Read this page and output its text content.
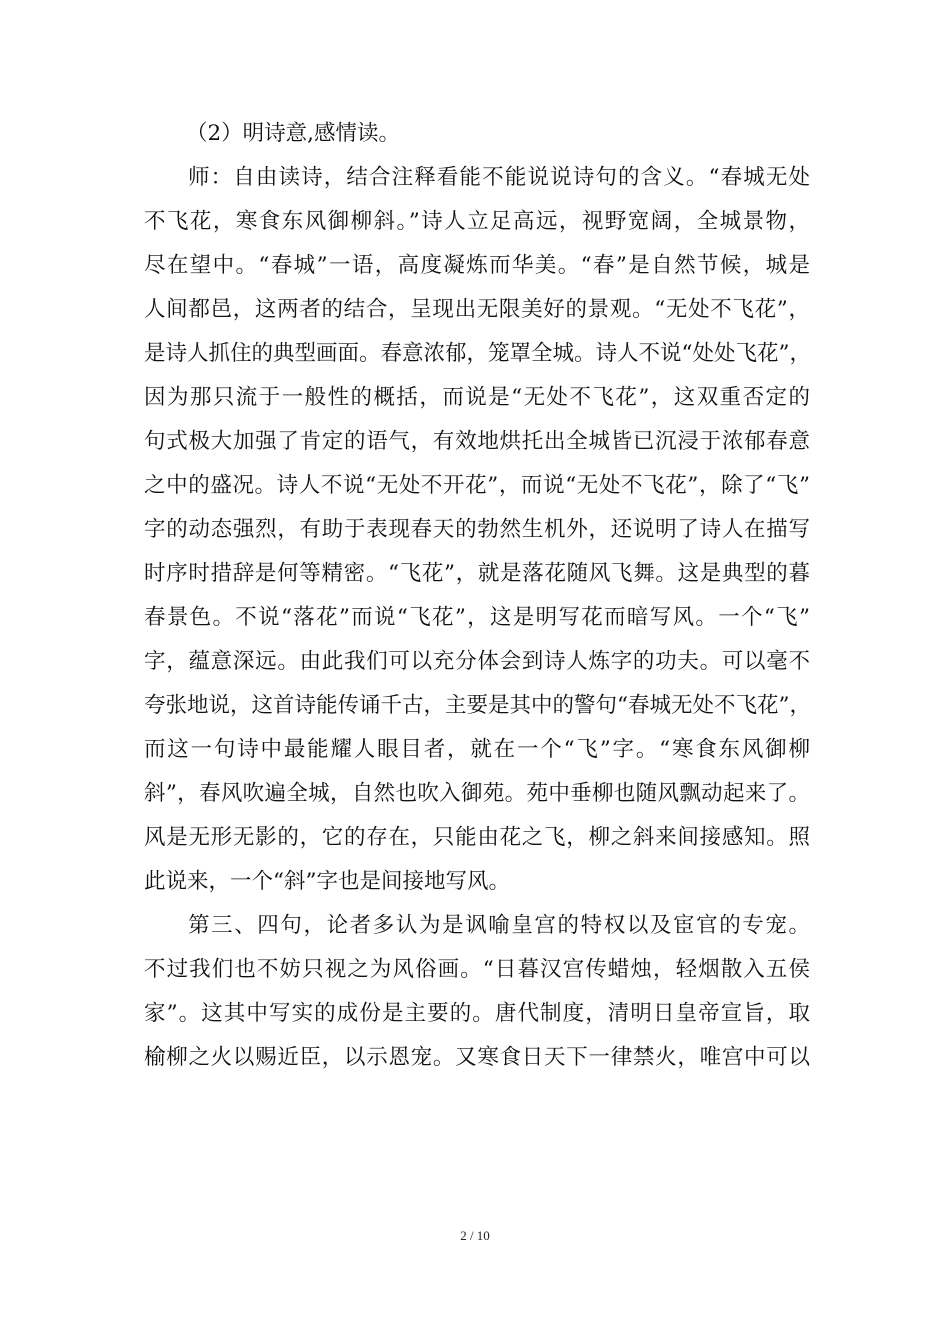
（2）明诗意,感情读。
师：自由读诗，结合注释看能不能说说诗句的含义。“春城无处
不飞花，寒食东风御柳斜。”诗人立足高远，视野宽阔，全城景物，
尽在望中。“春城”一语，高度凝炼而华美。“春”是自然节候，城是
人间都邑，这两者的结合，呈现出无限美好的景观。“无处不飞花”，
是诗人抓住的典型画面。春意浓郁，笼罩全城。诗人不说“处处飞花”，
因为那只流于一般性的概括，而说是“无处不飞花”，这双重否定的
句式极大加强了肯定的语气，有效地烘托出全城皆已沉浸于浓郁春意
之中的盛况。诗人不说“无处不开花”，而说“无处不飞花”，除了“飞”
字的动态强烈，有助于表现春天的勃然生机外，还说明了诗人在描写
时序时措辞是何等精密。“飞花”，就是落花随风飞舞。这是典型的暮
春景色。不说“落花”而说“飞花”，这是明写花而暗写风。一个“飞”
字，蕴意深远。由此我们可以充分体会到诗人炼字的功夫。可以毫不
夸张地说，这首诗能传诵千古，主要是其中的警句“春城无处不飞花”，
而这一句诗中最能耀人眼目者，就在一个“飞”字。“寒食东风御柳
斜”，春风吹遍全城，自然也吹入御苑。苑中垂柳也随风飘动起来了。
风是无形无影的，它的存在，只能由花之飞，柳之斜来间接感知。照
此说来，一个“斜”字也是间接地写风。
第三、四句，论者多认为是讽喻皇宫的特权以及宦官的专宠。
不过我们也不妨只视之为风俗画。“日暮汉宫传蜡烛，轻烟散入五侯
家”。这其中写实的成份是主要的。唐代制度，清明日皇帝宣旨，取
榆柳之火以赐近臣，以示恩宠。又寒食日天下一律禁火，唯宫中可以
2 / 10
